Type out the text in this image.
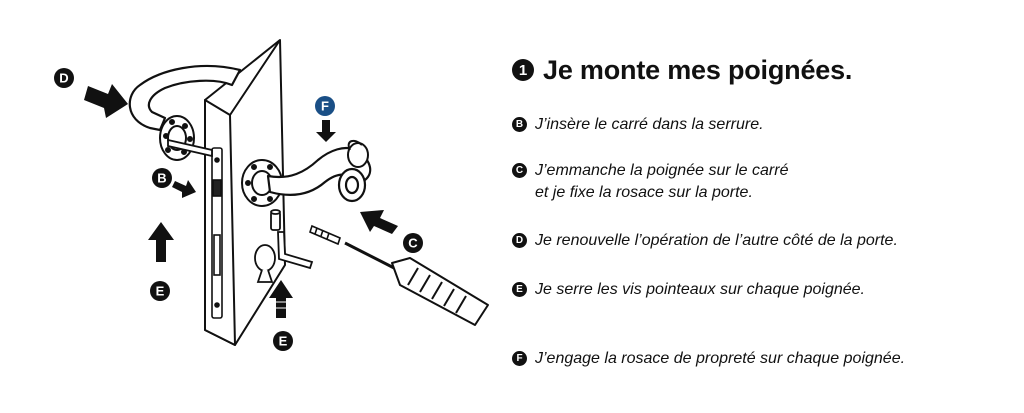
D
B
E
E
F
C
1 Je monte mes poignées.
B J’insère le carré dans la serrure.
C J’emmanche la poignée sur le carré
et je fixe la rosace sur la porte.
D Je renouvelle l’opération de l’autre côté de la porte.
E Je serre les vis pointeaux sur chaque poignée.
F J’engage la rosace de propreté sur chaque poignée.
